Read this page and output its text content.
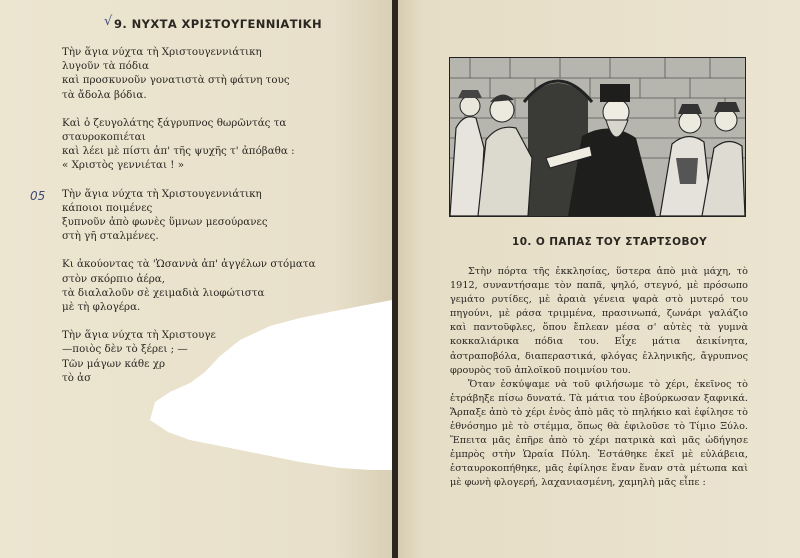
√ 9. ΝΥΧΤΑ ΧΡΙΣΤΟΥΓΕΝΝΙΑΤΙΚΗ
Τὴν ἅγια νύχτα τὴ Χριστουγεννιάτικη
λυγοῦν τὰ πόδια
καὶ προσκυνοῦν γονατιστὰ στὴ φάτνη τους
τὰ ἄδολα βόδια.
Καὶ ὁ ζευγολάτης ξάγρυπνος θωρῶντάς τα
σταυροκοπιέται
καὶ λέει μὲ πίστι ἀπ' τῆς ψυχῆς τ' ἀπόβαθα :
« Χριστὸς γεννιέται ! »
Τὴν ἅγια νύχτα τὴ Χριστουγεννιάτικη
κάποιοι ποιμένες
ξυπνοῦν ἀπὸ φωνὲς ὕμνων μεσούρανες
στὴ γῆ σταλμένες.
Κι ἀκούοντας τὰ 'Ὡσαννὰ ἀπ' ἀγγέλων στόματα
στὸν σκόρπιο ἀέρα,
τὰ διαλαλοῦν σὲ χειμαδιὰ λιοφώτιστα
μὲ τὴ φλογέρα.
Τὴν ἅγια νύχτα τὴ Χριστουγε
—ποιὸς δὲν τὸ ξέρει ; —
Τῶν μάγων κάθε χρ
τὸ ἀσ
05
10. Ο ΠΑΠΑΣ ΤΟΥ ΣΤΑΡΤΣΟΒΟΥ

Στὴν πόρτα τῆς ἐκκλησίας, ὕστερα ἀπὸ μιὰ μάχη, τὸ 1912, συναντήσαμε τὸν παπᾶ, ψηλό, στεγνό, μὲ πρόσωπο γεμάτο ρυτίδες, μὲ ἀραιὰ γένεια ψαρὰ στὸ μυτερό του πηγούνι, μὲ ράσα τριμμένα, πρασινωπά, ζωνάρι γαλάζιο καὶ παντοῦφλες, ὅπου ἔπλεαν μέσα σ' αὐτὲς τὰ γυμνὰ κοκκαλιάρικα πόδια του. Εἶχε μάτια ἀεικίνητα, ἀστραποβόλα, διαπεραστικά, φλόγας ἑλληνικῆς, ἄγρυπνος φρουρὸς τοῦ ἀπλοϊκοῦ ποιμνίου του.

Ὅταν ἐσκύψαμε νὰ τοῦ φιλήσωμε τὸ χέρι, ἐκεῖνος τὸ ἐτράβηξε πίσω δυνατά. Τὰ μάτια του ἐβούρκωσαν ξαφνικά. Ἄρπαξε ἀπὸ τὸ χέρι ἑνὸς ἀπὸ μᾶς τὸ πηλήκιο καὶ ἐφίλησε τὸ ἐθνόσημο μὲ τὸ στέμμα, ὅπως θὰ ἐφιλοῦσε τὸ Τίμιο Ξύλο. Ἔπειτα μᾶς ἐπῆρε ἀπὸ τὸ χέρι πατρικὰ καὶ μᾶς ὡδήγησε ἐμπρὸς στὴν Ὡραία Πύλη. Ἐστάθηκε ἐκεῖ μὲ εὐλάβεια, ἐσταυροκοπήθηκε, μᾶς ἐφίλησε ἕναν ἕναν στὰ μέτωπα καὶ μὲ φωνὴ φλογερή, λαχανιασμένη, χαμηλὴ μᾶς εἶπε :
